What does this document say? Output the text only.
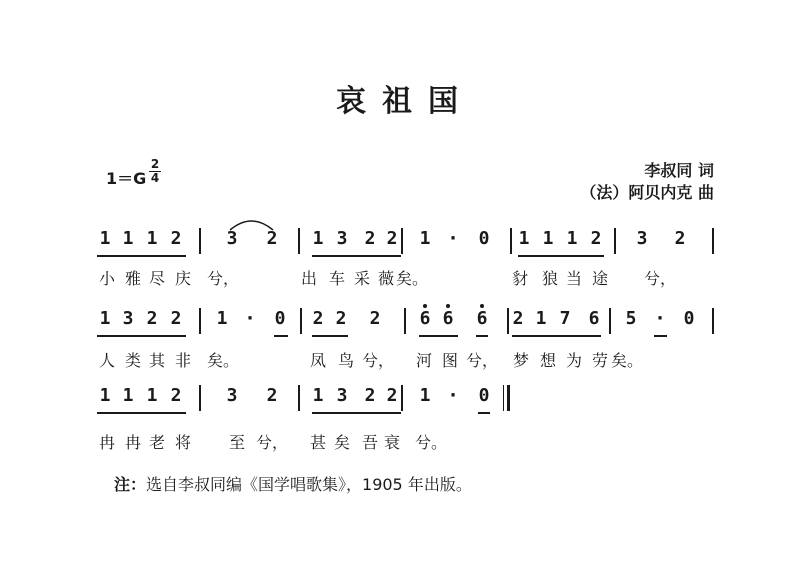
哀祖国
1＝G
2
4	李叔同 词
（法）阿贝内克 曲
1 1 1 2	3 2 1 3 2 2 1 · 0 1 1 1 2 3 2
小 雅 尽 庆 兮，	出 车 采 薇 矣。	豺 狼 当 途 兮，
1 3 2 2 1 · 0 2 2 2 6 6 6 2 1 7 6 5 · 0
人 类 其 非 矣。	凤 鸟 兮， 河 图 兮， 梦 想 为 劳 矣。
1 1 1 2	3 2 1 3 2 2 1 · 0
冉 冉 老 将 至 兮， 甚 矣 吾 衰 兮。
注：选自李叔同编《国学唱歌集》，1905 年出版。
